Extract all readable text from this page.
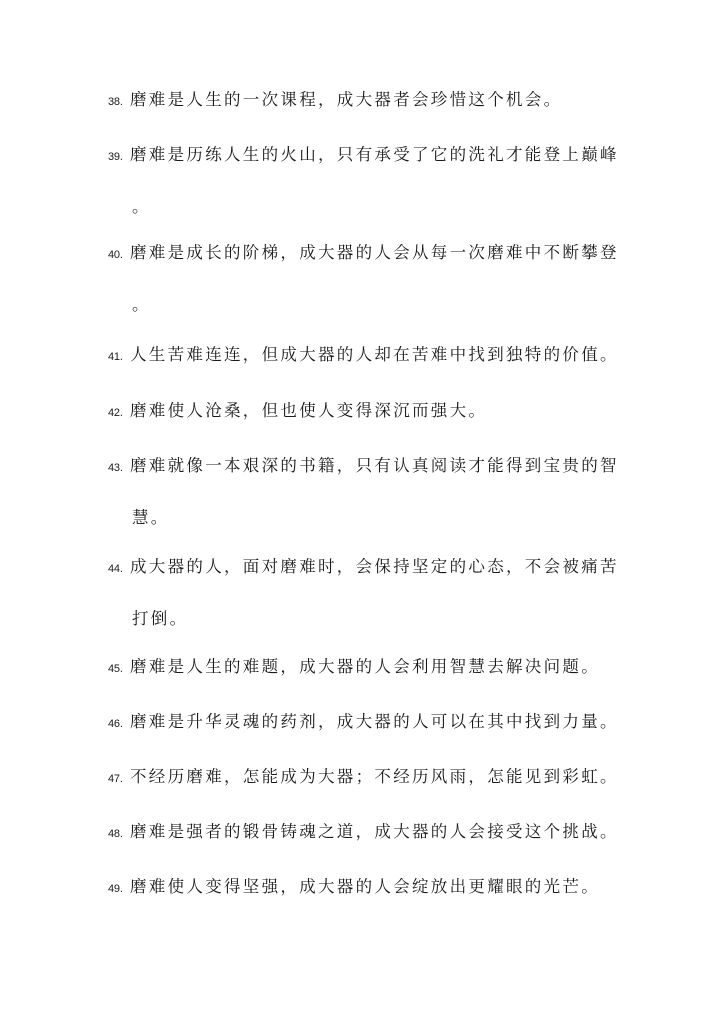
38. 磨难是人生的一次课程，成大器者会珍惜这个机会。
39. 磨难是历练人生的火山，只有承受了它的洗礼才能登上巅峰
。
40. 磨难是成长的阶梯，成大器的人会从每一次磨难中不断攀登
。
41. 人生苦难连连，但成大器的人却在苦难中找到独特的价值。
42. 磨难使人沧桑，但也使人变得深沉而强大。
43. 磨难就像一本艰深的书籍，只有认真阅读才能得到宝贵的智
慧。
44. 成大器的人，面对磨难时，会保持坚定的心态，不会被痛苦
打倒。
45. 磨难是人生的难题，成大器的人会利用智慧去解决问题。
46. 磨难是升华灵魂的药剂，成大器的人可以在其中找到力量。
47. 不经历磨难，怎能成为大器；不经历风雨，怎能见到彩虹。
48. 磨难是强者的锻骨铸魂之道，成大器的人会接受这个挑战。
49. 磨难使人变得坚强，成大器的人会绽放出更耀眼的光芒。
